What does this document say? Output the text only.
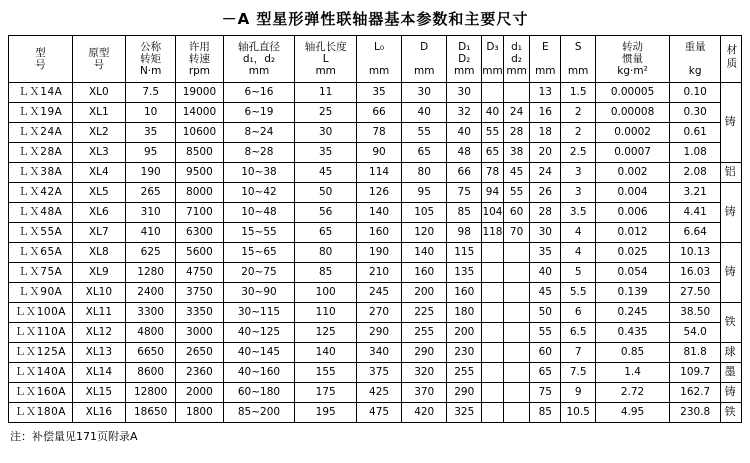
－A 型星形弹性联轴器基本参数和主要尺寸
型
号	原型
号	公称
转矩
N·m	许用
转速
rpm	轴孔直径
d₁，d₂
mm	轴孔长度
L
mm	L₀
mm	D
mm	D₁
D₂
mm	D₃
mm	d₁
d₂
mm	E
mm	S
mm	转动
惯量
kg·m²	重量
kg	材质
ＬＸ14A	XL0	7.5	19000	6~16	11	35	30	30			13	1.5	0.00005	0.10	铸
ＬＸ19A	XL1	10	14000	6~19	25	66	40	32	40	24	16	2	0.00008	0.30	
ＬＸ24A	XL2	35	10600	8~24	30	78	55	40	55	28	18	2	0.0002	0.61	
ＬＸ28A	XL3	95	8500	8~28	35	90	65	48	65	38	20	2.5	0.0007	1.08	
ＬＸ38A	XL4	190	9500	10~38	45	114	80	66	78	45	24	3	0.002	2.08	铝
ＬＸ42A	XL5	265	8000	10~42	50	126	95	75	94	55	26	3	0.004	3.21	铸
ＬＸ48A	XL6	310	7100	10~48	56	140	105	85	104	60	28	3.5	0.006	4.41	
ＬＸ55A	XL7	410	6300	15~55	65	160	120	98	118	70	30	4	0.012	6.64	
ＬＸ65A	XL8	625	5600	15~65	80	190	140	115			35	4	0.025	10.13	铸
ＬＸ75A	XL9	1280	4750	20~75	85	210	160	135			40	5	0.054	16.03	
ＬＸ90A	XL10	2400	3750	30~90	100	245	200	160			45	5.5	0.139	27.50	
ＬＸ100A	XL11	3300	3350	30~115	110	270	225	180			50	6	0.245	38.50	铁
ＬＸ110A	XL12	4800	3000	40~125	125	290	255	200			55	6.5	0.435	54.0	
ＬＸ125A	XL13	6650	2650	40~145	140	340	290	230			60	7	0.85	81.8	球
ＬＸ140A	XL14	8600	2360	40~160	155	375	320	255			65	7.5	1.4	109.7	墨
ＬＸ160A	XL15	12800	2000	60~180	175	425	370	290			75	9	2.72	162.7	铸
ＬＸ180A	XL16	18650	1800	85~200	195	475	420	325			85	10.5	4.95	230.8	铁
注：补偿量见171页附录A
